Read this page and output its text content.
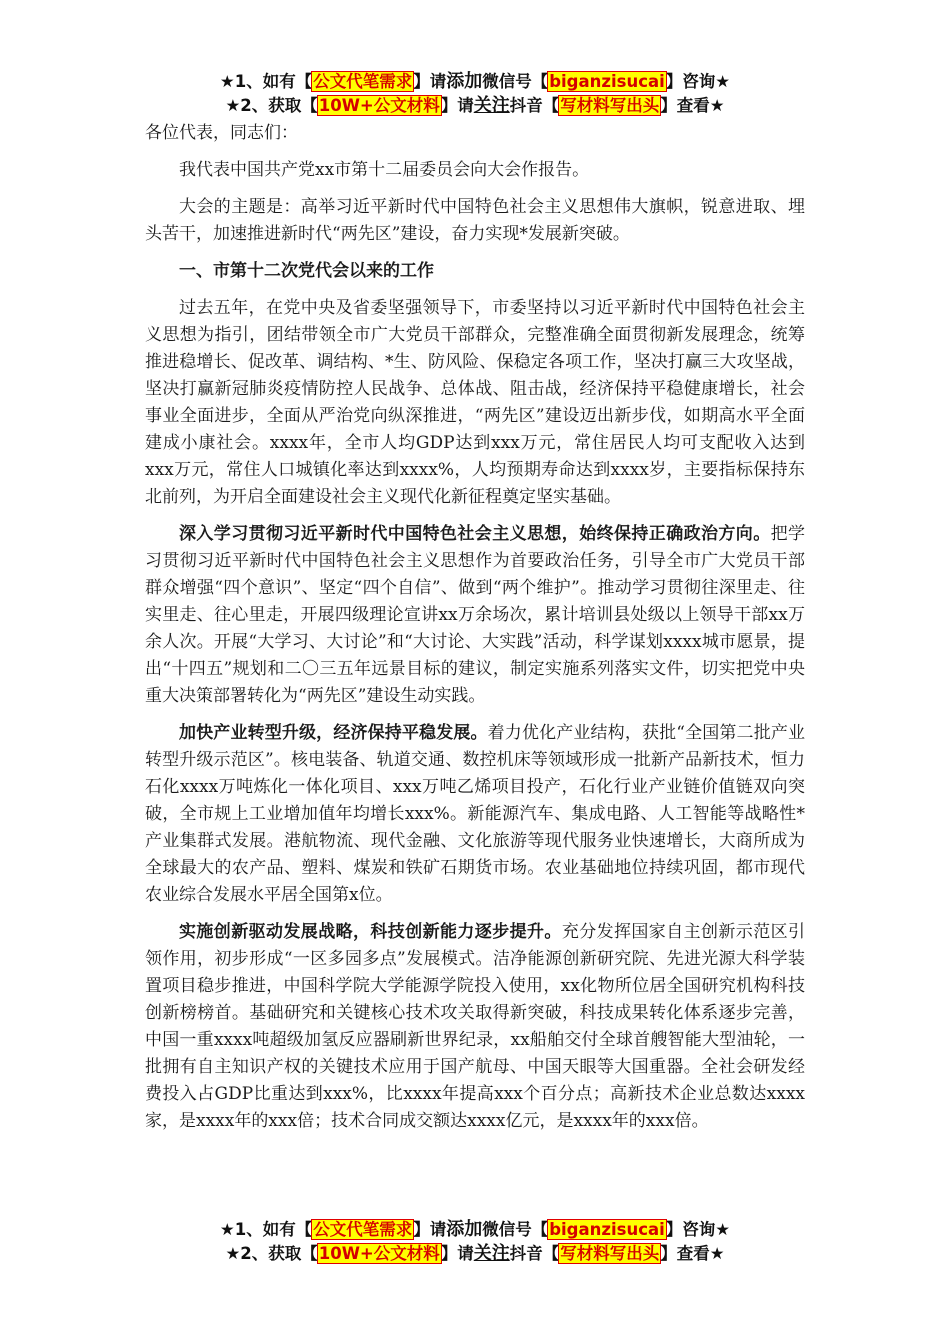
★1、如有【公文代笔需求】请添加微信号【biganzisucai】咨询★
★2、获取【10W+公文材料】请关注抖音【写材料写出头】查看★

各位代表，同志们：

我代表中国共产党xx市第十二届委员会向大会作报告。

大会的主题是：高举习近平新时代中国特色社会主义思想伟大旗帜，锐意进取、埋头苦干，加速推进新时代“两先区”建设，奋力实现*发展新突破。

一、市第十二次党代会以来的工作

过去五年，在党中央及省委坚强领导下，市委坚持以习近平新时代中国特色社会主义思想为指引，团结带领全市广大党员干部群众，完整准确全面贯彻新发展理念，统筹推进稳增长、促改革、调结构、*生、防风险、保稳定各项工作，坚决打赢三大攻坚战，坚决打赢新冠肺炎疫情防控人民战争、总体战、阻击战，经济保持平稳健康增长，社会事业全面进步，全面从严治党向纵深推进，“两先区”建设迈出新步伐，如期高水平全面建成小康社会。xxxx年，全市人均GDP达到xxx万元，常住居民人均可支配收入达到xxx万元，常住人口城镇化率达到xxxx%，人均预期寿命达到xxxx岁，主要指标保持东北前列，为开启全面建设社会主义现代化新征程奠定坚实基础。

深入学习贯彻习近平新时代中国特色社会主义思想，始终保持正确政治方向。把学习贯彻习近平新时代中国特色社会主义思想作为首要政治任务，引导全市广大党员干部群众增强“四个意识”、坚定“四个自信”、做到“两个维护”。推动学习贯彻往深里走、往实里走、往心里走，开展四级理论宣讲xx万余场次，累计培训县处级以上领导干部xx万余人次。开展“大学习、大讨论”和“大讨论、大实践”活动，科学谋划xxxx城市愿景，提出“十四五”规划和二〇三五年远景目标的建议，制定实施系列落实文件，切实把党中央重大决策部署转化为“两先区”建设生动实践。

加快产业转型升级，经济保持平稳发展。着力优化产业结构，获批“全国第二批产业转型升级示范区”。核电装备、轨道交通、数控机床等领域形成一批新产品新技术，恒力石化xxxx万吨炼化一体化项目、xxx万吨乙烯项目投产，石化行业产业链价值链双向突破，全市规上工业增加值年均增长xxx%。新能源汽车、集成电路、人工智能等战略性*产业集群式发展。港航物流、现代金融、文化旅游等现代服务业快速增长，大商所成为全球最大的农产品、塑料、煤炭和铁矿石期货市场。农业基础地位持续巩固，都市现代农业综合发展水平居全国第x位。

实施创新驱动发展战略，科技创新能力逐步提升。充分发挥国家自主创新示范区引领作用，初步形成“一区多园多点”发展模式。洁净能源创新研究院、先进光源大科学装置项目稳步推进，中国科学院大学能源学院投入使用，xx化物所位居全国研究机构科技创新榜榜首。基础研究和关键核心技术攻关取得新突破，科技成果转化体系逐步完善，中国一重xxxx吨超级加氢反应器刷新世界纪录，xx船舶交付全球首艘智能大型油轮，一批拥有自主知识产权的关键技术应用于国产航母、中国天眼等大国重器。全社会研发经费投入占GDP比重达到xxx%，比xxxx年提高xxx个百分点；高新技术企业总数达xxxx家，是xxxx年的xxx倍；技术合同成交额达xxxx亿元，是xxxx年的xxx倍。

★1、如有【公文代笔需求】请添加微信号【biganzisucai】咨询★
★2、获取【10W+公文材料】请关注抖音【写材料写出头】查看★
